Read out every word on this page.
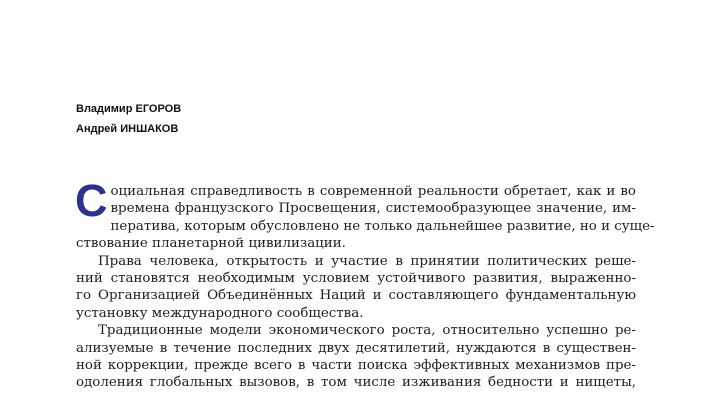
Владимир ЕГОРОВ
Андрей ИНШАКОВ
С оциальная справедливость в современной реальности обретает, как и во
времена французского Просвещения, системообразующее значение, им-
ператива, которым обусловлено не только дальнейшее развитие, но и суще-
ствование планетарной цивилизации.
Права человека, открытость и участие в принятии политических реше-
ний становятся необходимым условием устойчивого развития, выраженно-
го Организацией Объединённых Наций и составляющего фундаментальную
установку международного сообщества.
Традиционные модели экономического роста, относительно успешно ре-
ализуемые в течение последних двух десятилетий, нуждаются в существен-
ной коррекции, прежде всего в части поиска эффективных механизмов пре-
одоления глобальных вызовов, в том числе изживания бедности и нищеты,
